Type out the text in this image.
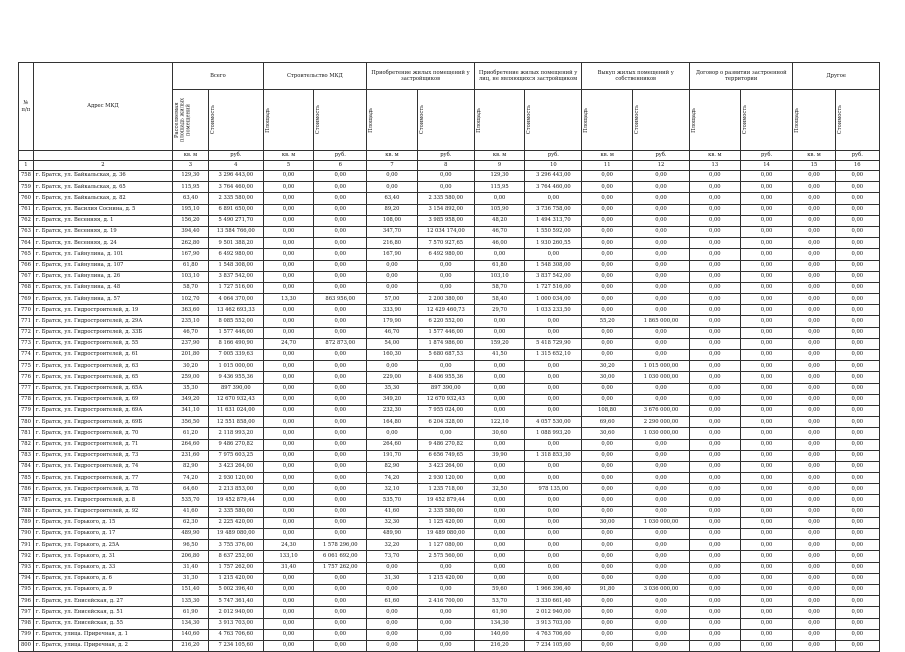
№ п/п	Адрес МКД	Всего		Строительство МКД		Приобретение жилых помещений у застройщиков		Приобретение жилых помещений у лиц, не являющихся застройщиком		Выкуп жилых помещений у собственников		Договор о развитии застроенной территории		Другое	

		Расселяемая площадь жилых помещений	Стоимость	Площадь	Стоимость	Площадь	Стоимость	Площадь	Стоимость	Площадь	Стоимость	Площадь	Стоимость	Площадь	Стоимость

		кв. м	руб.	кв. м	руб.	кв. м	руб.	кв. м	руб.	кв. м	руб.	кв. м	руб.	кв. м	руб.
1	2	3	4	5	6	7	8	9	10	11	12	13	14	15	16
758	г. Братск, ул. Байкальская, д. 36	129,30	3 296 443,00	0,00	0,00	0,00	0,00	129,30	3 296 443,00	0,00	0,00	0,00	0,00	0,00	0,00
759	г. Братск, ул. Байкальская, д. 65	115,95	3 764 460,00	0,00	0,00	0,00	0,00	115,95	3 764 460,00	0,00	0,00	0,00	0,00	0,00	0,00
760	г. Братск, ул. Байкальская, д. 82	63,40	2 335 580,00	0,00	0,00	63,40	2 335 580,00	0,00	0,00	0,00	0,00	0,00	0,00	0,00	0,00
761	г. Братск, ул. Василия Соснина, д. 5	195,10	6 891 650,00	0,00	0,00	89,20	3 154 892,00	105,90	3 736 758,00	0,00	0,00	0,00	0,00	0,00	0,00
762	г. Братск, ул. Весенняя, д. 1	156,20	5 490 271,70	0,00	0,00	108,00	3 985 958,00	48,20	1 494 313,70	0,00	0,00	0,00	0,00	0,00	0,00
763	г. Братск, ул. Весенняя, д. 19	394,40	13 584 766,00	0,00	0,00	347,70	12 034 174,00	46,70	1 550 592,00	0,00	0,00	0,00	0,00	0,00	0,00
764	г. Братск, ул. Весенняя, д. 24	262,80	9 501 388,20	0,00	0,00	216,80	7 570 927,65	46,00	1 930 260,55	0,00	0,00	0,00	0,00	0,00	0,00
765	г. Братск, ул. Гайнулина, д. 101	167,90	6 492 980,00	0,00	0,00	167,90	6 492 980,00	0,00	0,00	0,00	0,00	0,00	0,00	0,00	0,00
766	г. Братск, ул. Гайнулина, д. 107	61,80	1 548 308,00	0,00	0,00	0,00	0,00	61,80	1 548 308,00	0,00	0,00	0,00	0,00	0,00	0,00
767	г. Братск, ул. Гайнулина, д. 26	103,10	3 837 542,00	0,00	0,00	0,00	0,00	103,10	3 837 542,00	0,00	0,00	0,00	0,00	0,00	0,00
768	г. Братск, ул. Гайнулина, д. 48	58,70	1 727 516,00	0,00	0,00	0,00	0,00	58,70	1 727 516,00	0,00	0,00	0,00	0,00	0,00	0,00
769	г. Братск, ул. Гайнулина, д. 57	102,70	4 064 370,00	13,30	863 956,00	57,00	2 200 380,00	58,40	1 000 034,00	0,00	0,00	0,00	0,00	0,00	0,00
770	г. Братск, ул. Гидростроителей, д. 19	363,60	13 462 693,33	0,00	0,00	333,90	12 429 460,73	29,70	1 033 233,50	0,00	0,00	0,00	0,00	0,00	0,00
771	г. Братск, ул. Гидростроителей, д. 29А	235,10	8 085 552,00	0,00	0,00	179,90	6 220 552,00	0,00	0,00	55,20	1 865 000,00	0,00	0,00	0,00	0,00
772	г. Братск, ул. Гидростроителей, д. 33Б	46,70	1 577 446,00	0,00	0,00	46,70	1 577 446,00	0,00	0,00	0,00	0,00	0,00	0,00	0,00	0,00
773	г. Братск, ул. Гидростроителей, д. 55	237,90	8 166 490,90	24,70	872 873,00	54,00	1 874 986,00	159,20	5 418 729,90	0,00	0,00	0,00	0,00	0,00	0,00
774	г. Братск, ул. Гидростроителей, д. 61	201,80	7 005 339,63	0,00	0,00	160,30	5 680 687,53	41,50	1 315 652,10	0,00	0,00	0,00	0,00	0,00	0,00
775	г. Братск, ул. Гидростроителей, д. 63	30,20	1 015 000,00	0,00	0,00	0,00	0,00	0,00	0,00	30,20	1 015 000,00	0,00	0,00	0,00	0,00
776	г. Братск, ул. Гидростроителей, д. 65	259,00	9 436 955,36	0,00	0,00	229,00	8 406 955,36	0,00	0,00	30,00	1 030 000,00	0,00	0,00	0,00	0,00
777	г. Братск, ул. Гидростроителей, д. 65А	35,30	897 390,00	0,00	0,00	35,30	897 390,00	0,00	0,00	0,00	0,00	0,00	0,00	0,00	0,00
778	г. Братск, ул. Гидростроителей, д. 69	349,20	12 670 932,43	0,00	0,00	349,20	12 670 932,43	0,00	0,00	0,00	0,00	0,00	0,00	0,00	0,00
779	г. Братск, ул. Гидростроителей, д. 69А	341,10	11 631 024,00	0,00	0,00	232,30	7 955 024,00	0,00	0,00	108,80	3 676 000,00	0,00	0,00	0,00	0,00
780	г. Братск, ул. Гидростроителей, д. 69Б	356,50	12 551 858,00	0,00	0,00	164,80	6 204 328,00	122,10	4 057 530,00	69,60	2 290 000,00	0,00	0,00	0,00	0,00
781	г. Братск, ул. Гидростроителей, д. 70	61,20	2 118 993,20	0,00	0,00	0,00	0,00	30,60	1 088 993,20	30,60	1 030 000,00	0,00	0,00	0,00	0,00
782	г. Братск, ул. Гидростроителей, д. 71	264,60	9 486 270,82	0,00	0,00	264,60	9 486 270,82	0,00	0,00	0,00	0,00	0,00	0,00	0,00	0,00
783	г. Братск, ул. Гидростроителей, д. 73	231,60	7 975 603,25	0,00	0,00	191,70	6 656 749,65	39,90	1 318 853,30	0,00	0,00	0,00	0,00	0,00	0,00
784	г. Братск, ул. Гидростроителей, д. 74	82,90	3 423 264,00	0,00	0,00	82,90	3 423 264,00	0,00	0,00	0,00	0,00	0,00	0,00	0,00	0,00
785	г. Братск, ул. Гидростроителей, д. 77	74,20	2 930 120,00	0,00	0,00	74,20	2 930 120,00	0,00	0,00	0,00	0,00	0,00	0,00	0,00	0,00
786	г. Братск, ул. Гидростроителей, д. 78	64,60	2 213 853,00	0,00	0,00	32,10	1 235 718,00	32,50	978 135,00	0,00	0,00	0,00	0,00	0,00	0,00
787	г. Братск, ул. Гидростроителей, д. 8	535,70	19 452 879,44	0,00	0,00	535,70	19 452 879,44	0,00	0,00	0,00	0,00	0,00	0,00	0,00	0,00
788	г. Братск, ул. Гидростроителей, д. 92	41,60	2 335 580,00	0,00	0,00	41,60	2 335 580,00	0,00	0,00	0,00	0,00	0,00	0,00	0,00	0,00
789	г. Братск, ул. Горького, д. 15	62,30	2 225 420,00	0,00	0,00	32,30	1 125 420,00	0,00	0,00	30,00	1 030 000,00	0,00	0,00	0,00	0,00
790	г. Братск, ул. Горького, д. 17	489,90	19 489 080,00	0,00	0,00	489,90	19 489 080,00	0,00	0,00	0,00	0,00	0,00	0,00	0,00	0,00
791	г. Братск, ул. Горького, д. 25А	96,50	3 755 376,00	24,30	1 578 296,00	32,20	1 127 080,00	0,00	0,00	0,00	0,00	0,00	0,00	0,00	0,00
792	г. Братск, ул. Горького, д. 31	206,80	8 637 252,00	133,10	6 061 692,00	73,70	2 575 560,00	0,00	0,00	0,00	0,00	0,00	0,00	0,00	0,00
793	г. Братск, ул. Горького, д. 33	31,40	1 757 262,00	31,40	1 757 262,00	0,00	0,00	0,00	0,00	0,00	0,00	0,00	0,00	0,00	0,00
794	г. Братск, ул. Горького, д. 6	31,30	1 215 420,00	0,00	0,00	31,30	1 215 420,00	0,00	0,00	0,00	0,00	0,00	0,00	0,00	0,00
795	г. Братск, ул. Горького, д. 9	151,40	5 002 396,40	0,00	0,00	0,00	0,00	59,60	1 966 396,40	91,80	3 036 000,00	0,00	0,00	0,00	0,00
796	г. Братск, ул. Енисейская, д. 27	135,30	5 747 361,40	0,00	0,00	61,60	2 416 700,00	53,70	3 330 661,40	0,00	0,00	0,00	0,00	0,00	0,00
797	г. Братск, ул. Енисейская, д. 51	61,90	2 012 940,00	0,00	0,00	0,00	0,00	61,90	2 012 940,00	0,00	0,00	0,00	0,00	0,00	0,00
798	г. Братск, ул. Енисейская, д. 55	134,30	3 913 703,00	0,00	0,00	0,00	0,00	134,30	3 913 703,00	0,00	0,00	0,00	0,00	0,00	0,00
799	г. Братск, улица. Приречная, д. 1	140,60	4 763 706,60	0,00	0,00	0,00	0,00	140,60	4 763 706,60	0,00	0,00	0,00	0,00	0,00	0,00
800	г. Братск, улица. Приречная, д. 2	216,20	7 234 105,60	0,00	0,00	0,00	0,00	216,20	7 234 105,60	0,00	0,00	0,00	0,00	0,00	0,00
